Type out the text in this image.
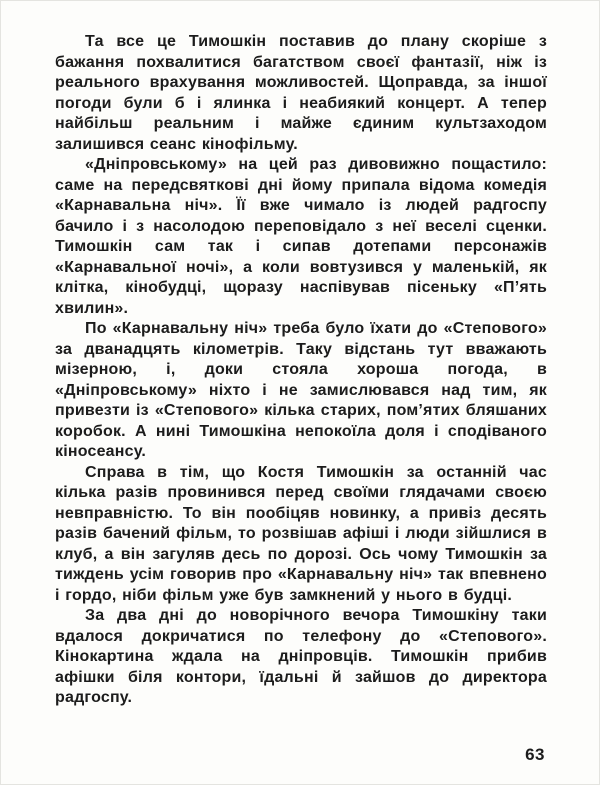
Та все це Тимошкін поставив до плану скоріше з бажання похвалитися багатством своєї фантазії, ніж із реального врахування можливостей. Щоправда, за іншої погоди були б і ялинка і неабиякий концерт. А тепер найбільш реальним і майже єдиним культзаходом залишився сеанс кінофільму.

«Дніпровському» на цей раз дивовижно пощастило: саме на передсвяткові дні йому припала відома комедія «Карнавальна ніч». Її вже чимало із людей радгоспу бачило і з насолодою переповідало з неї веселі сценки. Тимошкін сам так і сипав дотепами персонажів «Карнавальної ночі», а коли вовтузився у маленькій, як клітка, кінобудці, щоразу наспівував пісеньку «П’ять хвилин».

По «Карнавальну ніч» треба було їхати до «Степового» за дванадцять кілометрів. Таку відстань тут вважають мізерною, і, доки стояла хороша погода, в «Дніпровському» ніхто і не замислювався над тим, як привезти із «Степового» кілька старих, пом’ятих бляшаних коробок. А нині Тимошкіна непокоїла доля і сподіваного кіносеансу.

Справа в тім, що Костя Тимошкін за останній час кілька разів провинився перед своїми глядачами своєю невправністю. То він пообіцяв новинку, а привіз десять разів бачений фільм, то розвішав афіші і люди зійшлися в клуб, а він загуляв десь по дорозі. Ось чому Тимошкін за тиждень усім говорив про «Карнавальну ніч» так впевнено і гордо, ніби фільм уже був замкнений у нього в будці.

За два дні до новорічного вечора Тимошкіну таки вдалося докричатися по телефону до «Степового». Кінокартина ждала на дніпровців. Тимошкін прибив афішки біля контори, їдальні й зайшов до директора радгоспу.

63
